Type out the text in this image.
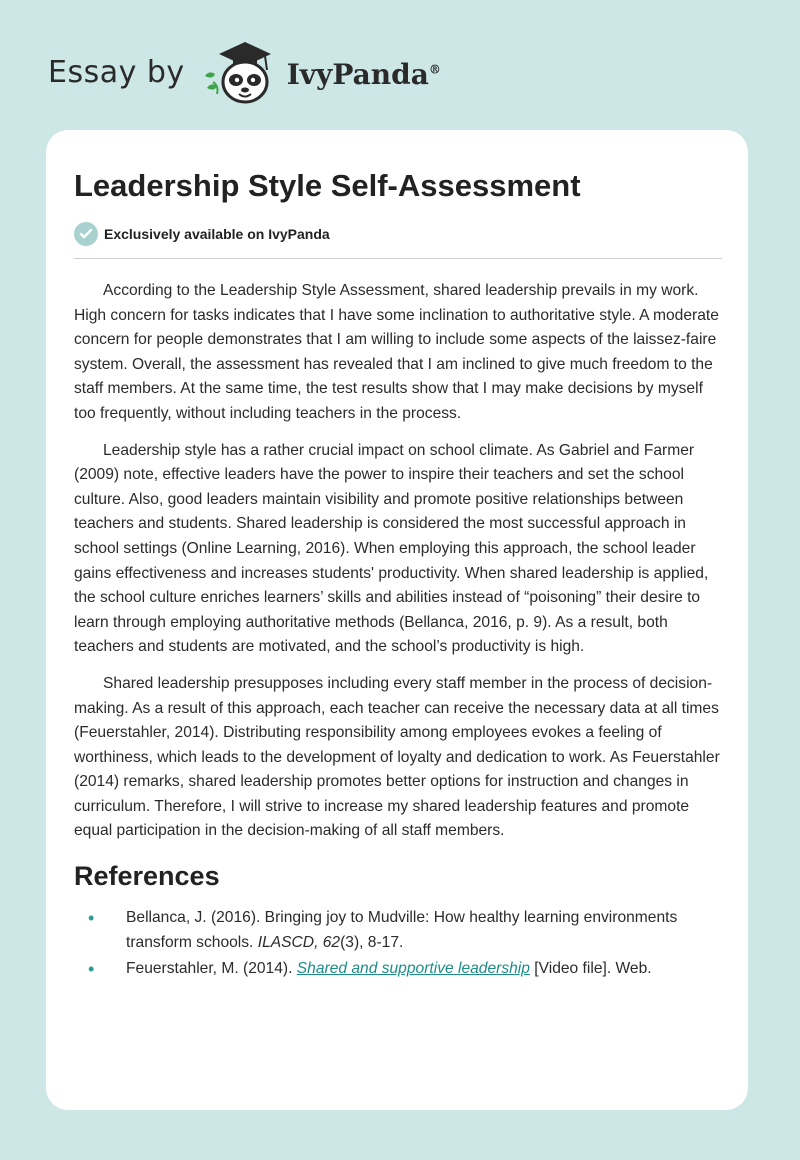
Essay by	IvyPanda®
Leadership Style Self-Assessment
Exclusively available on IvyPanda

According to the Leadership Style Assessment, shared leadership prevails in my work. High concern for tasks indicates that I have some inclination to authoritative style. A moderate concern for people demonstrates that I am willing to include some aspects of the laissez-faire system. Overall, the assessment has revealed that I am inclined to give much freedom to the staff members. At the same time, the test results show that I may make decisions by myself too frequently, without including teachers in the process.

Leadership style has a rather crucial impact on school climate. As Gabriel and Farmer (2009) note, effective leaders have the power to inspire their teachers and set the school culture. Also, good leaders maintain visibility and promote positive relationships between teachers and students. Shared leadership is considered the most successful approach in school settings (Online Learning, 2016). When employing this approach, the school leader gains effectiveness and increases students' productivity. When shared leadership is applied, the school culture enriches learners’ skills and abilities instead of “poisoning” their desire to learn through employing authoritative methods (Bellanca, 2016, p. 9). As a result, both teachers and students are motivated, and the school’s productivity is high.

Shared leadership presupposes including every staff member in the process of decision-making. As a result of this approach, each teacher can receive the necessary data at all times (Feuerstahler, 2014). Distributing responsibility among employees evokes a feeling of worthiness, which leads to the development of loyalty and dedication to work. As Feuerstahler (2014) remarks, shared leadership promotes better options for instruction and changes in curriculum. Therefore, I will strive to increase my shared leadership features and promote equal participation in the decision-making of all staff members.

References
• Bellanca, J. (2016). Bringing joy to Mudville: How healthy learning environments transform schools. ILASCD, 62(3), 8-17.
• Feuerstahler, M. (2014). Shared and supportive leadership [Video file]. Web.
